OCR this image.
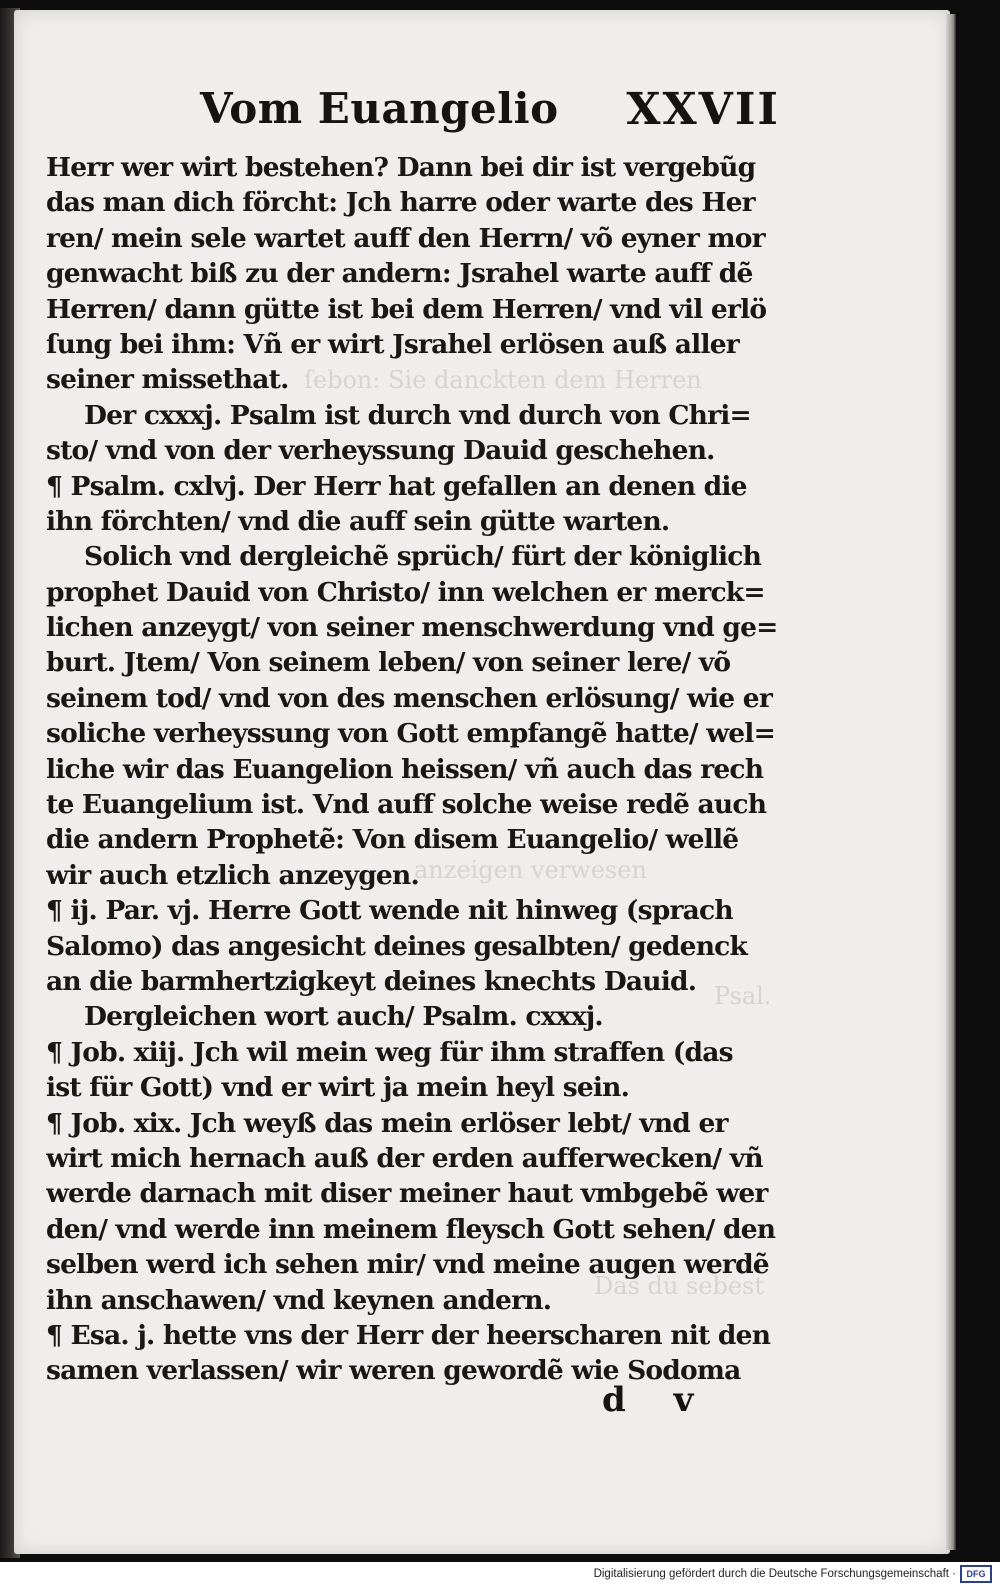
ſebon: Sie danckten dem Herren
anzeigen verwesen
Psal.
Das du sebest
Vom Euangelio XXVII
Herr wer wirt bestehen? Dann bei dir ist vergebũg
das man dich förcht: Jch harre oder warte des Her
ren/ mein sele wartet auff den Herrn/ võ eyner mor
genwacht biß zu der andern: Jsrahel warte auff dẽ
Herren/ dann gütte ist bei dem Herren/ vnd vil erlö
ſung bei ihm: Vñ er wirt Jsrahel erlösen auß aller
seiner missethat.
Der cxxxj. Psalm ist durch vnd durch von Chri=
sto/ vnd von der verheyssung Dauid geschehen.
¶ Psalm. cxlvj. Der Herr hat gefallen an denen die
ihn förchten/ vnd die auff sein gütte warten.
Solich vnd dergleichẽ sprüch/ fürt der königlich
prophet Dauid von Christo/ inn welchen er merck=
lichen anzeygt/ von seiner menschwerdung vnd ge=
burt. Jtem/ Von seinem leben/ von seiner lere/ võ
seinem tod/ vnd von des menschen erlösung/ wie er
soliche verheyssung von Gott empfangẽ hatte/ wel=
liche wir das Euangelion heissen/ vñ auch das rech
te Euangelium ist. Vnd auff solche weise redẽ auch
die andern Prophetẽ: Von disem Euangelio/ wellẽ
wir auch etzlich anzeygen.
¶ ij. Par. vj. Herre Gott wende nit hinweg (sprach
Salomo) das angesicht deines gesalbten/ gedenck
an die barmhertzigkeyt deines knechts Dauid.
Dergleichen wort auch/ Psalm. cxxxj.
¶ Job. xiij. Jch wil mein weg für ihm straffen (das
ist für Gott) vnd er wirt ja mein heyl sein.
¶ Job. xix. Jch weyß das mein erlöser lebt/ vnd er
wirt mich hernach auß der erden aufferwecken/ vñ
werde darnach mit diser meiner haut vmbgebẽ wer
den/ vnd werde inn meinem fleysch Gott sehen/ den
selben werd ich sehen mir/ vnd meine augen werdẽ
ihn anschawen/ vnd keynen andern.
¶ Esa. j. hette vns der Herr der heerscharen nit den
samen verlassen/ wir weren gewordẽ wie Sodoma
d v
Digitalisierung gefördert durch die Deutsche Forschungsgemeinschaft ·	DFG
